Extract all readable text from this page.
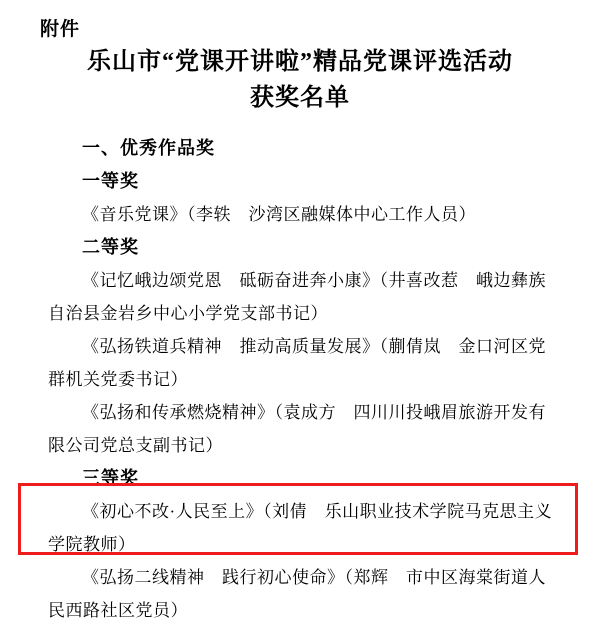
附件
乐山市“党课开讲啦”精品党课评选活动
获奖名单
一、优秀作品奖
一等奖
《音乐党课》（李轶　沙湾区融媒体中心工作人员）
二等奖
《记忆峨边颂党恩　砥砺奋进奔小康》（井喜改惹　峨边彝族自治县金岩乡中心小学党支部书记）
《弘扬铁道兵精神　推动高质量发展》（蒯倩岚　金口河区党群机关党委书记）
《弘扬和传承燃烧精神》（袁成方　四川川投峨眉旅游开发有限公司党总支副书记）
三等奖
《初心不改·人民至上》（刘倩　乐山职业技术学院马克思主义学院教师）
《弘扬二线精神　践行初心使命》（郑辉　市中区海棠街道人民西路社区党员）
